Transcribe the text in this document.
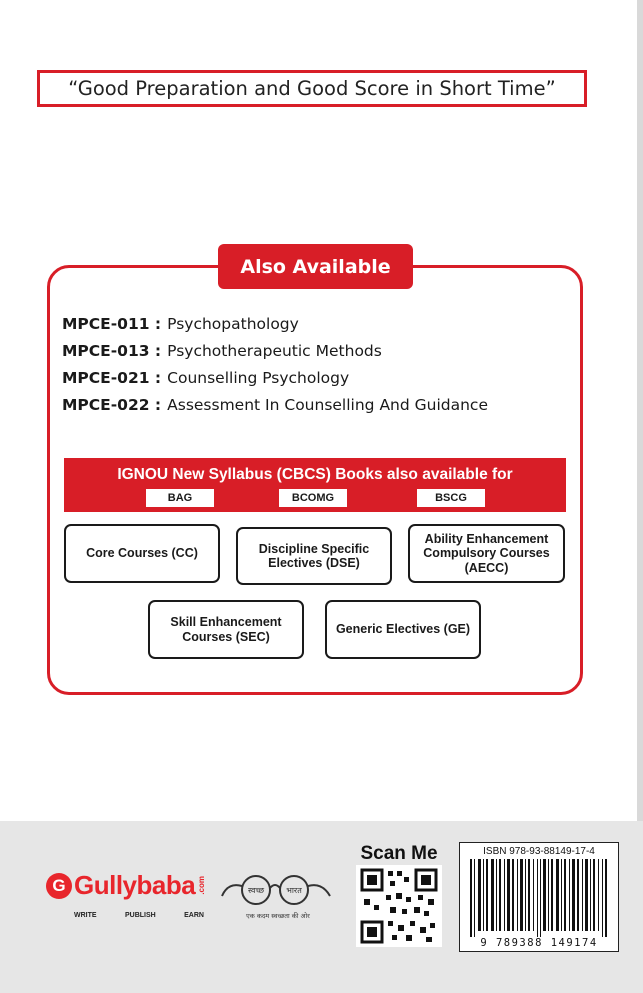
“Good Preparation and Good Score in Short Time”
Also Available
MPCE-011 : Psychopathology
MPCE-013 : Psychotherapeutic Methods
MPCE-021 : Counselling Psychology
MPCE-022 : Assessment In Counselling And Guidance
IGNOU New Syllabus (CBCS) Books also available for
BAG	BCOMG	BSCG
Core Courses (CC)	Discipline Specific Electives (DSE)
Ability Enhancement Compulsory Courses (AECC)
Skill Enhancement Courses (SEC)
Generic Electives (GE)
G Gullybaba .com
WRITE	PUBLISH	EARN
स्वच्छ	भारत
एक कदम स्वच्छता की ओर
Scan Me	ISBN 978-93-88149-17-4
9 789388 149174
